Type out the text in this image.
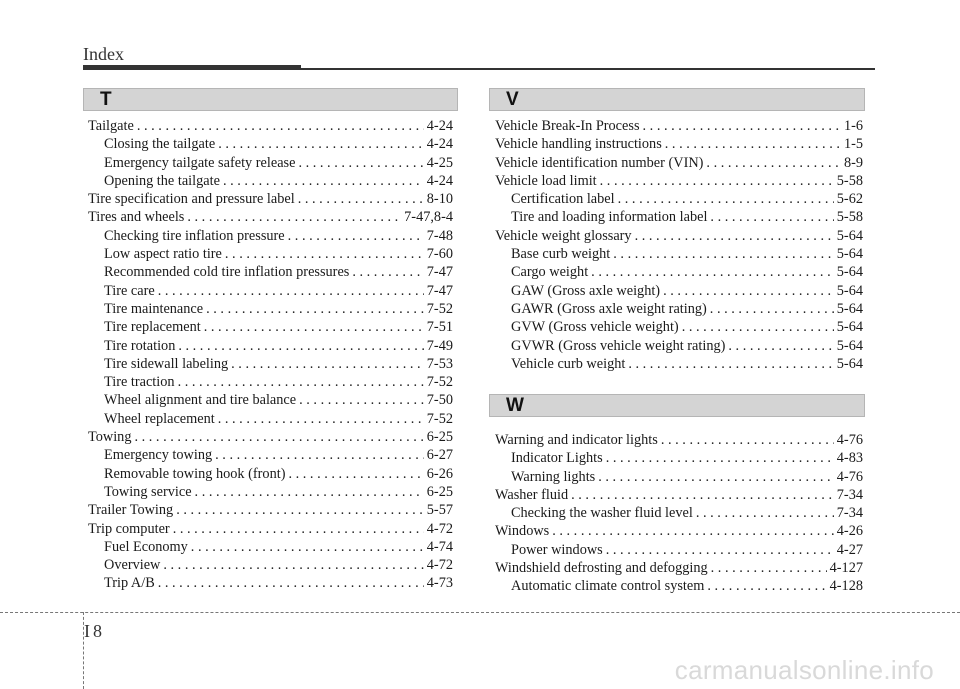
Index
T
Tailgate . . .	4-24
Closing the tailgate . . .	4-24
Emergency tailgate safety release . . .	4-25
Opening the tailgate . . .	4-24
Tire specification and pressure label . . .	8-10
Tires and wheels . . .	7-47,8-4
Checking tire inflation pressure . . .	7-48
Low aspect ratio tire . . .	7-60
Recommended cold tire inflation pressures . . .	7-47
Tire care . . .	7-47
Tire maintenance . . .	7-52
Tire replacement . . .	7-51
Tire rotation . . .	7-49
Tire sidewall labeling . . .	7-53
Tire traction . . .	7-52
Wheel alignment and tire balance . . .	7-50
Wheel replacement . . .	7-52
Towing . . .	6-25
Emergency towing . . .	6-27
Removable towing hook (front) . . .	6-26
Towing service . . .	6-25
Trailer Towing . . .	5-57
Trip computer . . .	4-72
Fuel Economy . . .	4-74
Overview . . .	4-72
Trip A/B . . .	4-73
V
Vehicle Break-In Process . . .	1-6
Vehicle handling instructions . . .	1-5
Vehicle identification number (VIN) . . .	8-9
Vehicle load limit . . .	5-58
Certification label . . .	5-62
Tire and loading information label . . .	5-58
Vehicle weight glossary . . .	5-64
Base curb weight . . .	5-64
Cargo weight . . .	5-64
GAW (Gross axle weight) . . .	5-64
GAWR (Gross axle weight rating) . . .	5-64
GVW (Gross vehicle weight) . . .	5-64
GVWR (Gross vehicle weight rating) . . .	5-64
Vehicle curb weight . . .	5-64
W
Warning and indicator lights . . .	4-76
Indicator Lights . . .	4-83
Warning lights . . .	4-76
Washer fluid . . .	7-34
Checking the washer fluid level . . .	7-34
Windows . . .	4-26
Power windows . . .	4-27
Windshield defrosting and defogging . . .	4-127
Automatic climate control system . . .	4-128
I 8
carmanualsonline.info
